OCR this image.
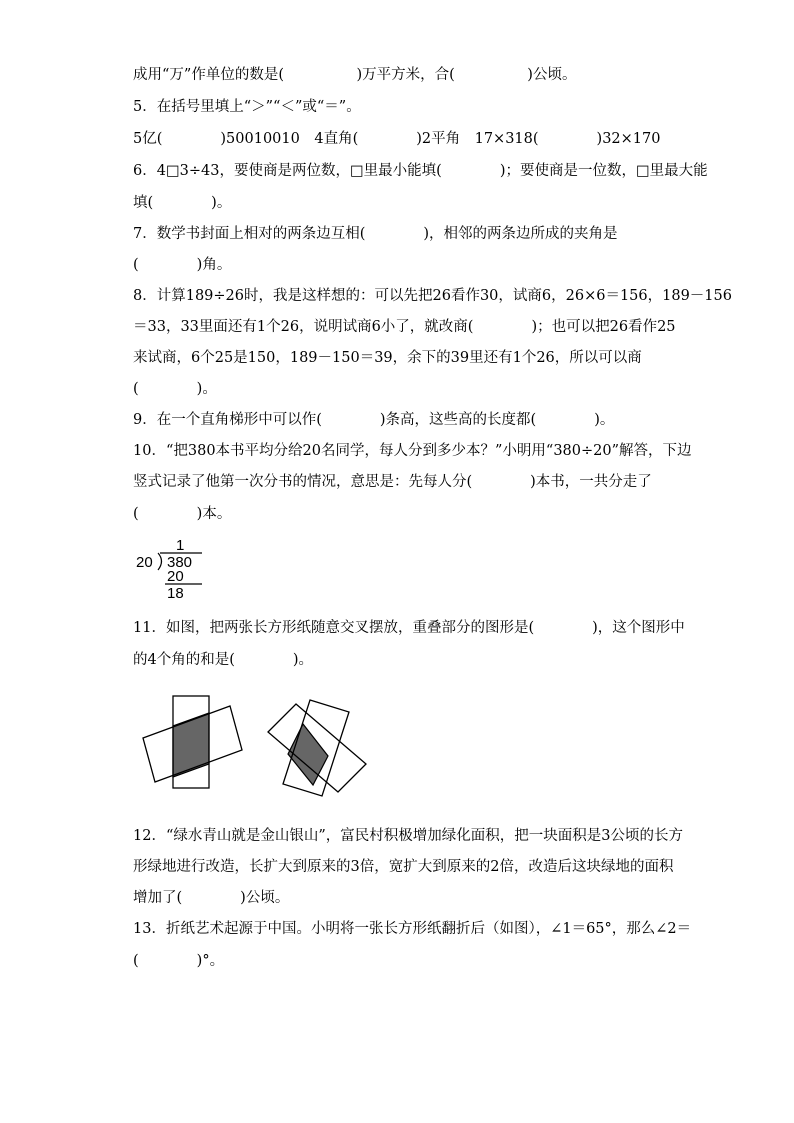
成用“万”作单位的数是(　　　　　)万平方米，合(　　　　　)公顷。
5．在括号里填上“＞”“＜”或“＝”。
5亿(　　　　)50010010　4直角(　　　　)2平角　17×318(　　　　)32×170
6．4□3÷43，要使商是两位数，□里最小能填(　　　　)；要使商是一位数，□里最大能
填(　　　　)。
7．数学书封面上相对的两条边互相(　　　　)，相邻的两条边所成的夹角是
(　　　　)角。
8．计算189÷26时，我是这样想的：可以先把26看作30，试商6，26×6＝156，189－156
＝33，33里面还有1个26，说明试商6小了，就改商(　　　　)；也可以把26看作25
来试商，6个25是150，189－150＝39，余下的39里还有1个26，所以可以商
(　　　　)。
9．在一个直角梯形中可以作(　　　　)条高，这些高的长度都(　　　　)。
10．“把380本书平均分给20名同学，每人分到多少本？”小明用“380÷20”解答，下边
竖式记录了他第一次分书的情况，意思是：先每人分(　　　　)本书，一共分走了
(　　　　)本。
1
20 380
20
18
11．如图，把两张长方形纸随意交叉摆放，重叠部分的图形是(　　　　)，这个图形中
的4个角的和是(　　　　)。
12．“绿水青山就是金山银山”，富民村积极增加绿化面积，把一块面积是3公顷的长方
形绿地进行改造，长扩大到原来的3倍，宽扩大到原来的2倍，改造后这块绿地的面积
增加了(　　　　)公顷。
13．折纸艺术起源于中国。小明将一张长方形纸翻折后（如图），∠1＝65°，那么∠2＝
(　　　　)°。
